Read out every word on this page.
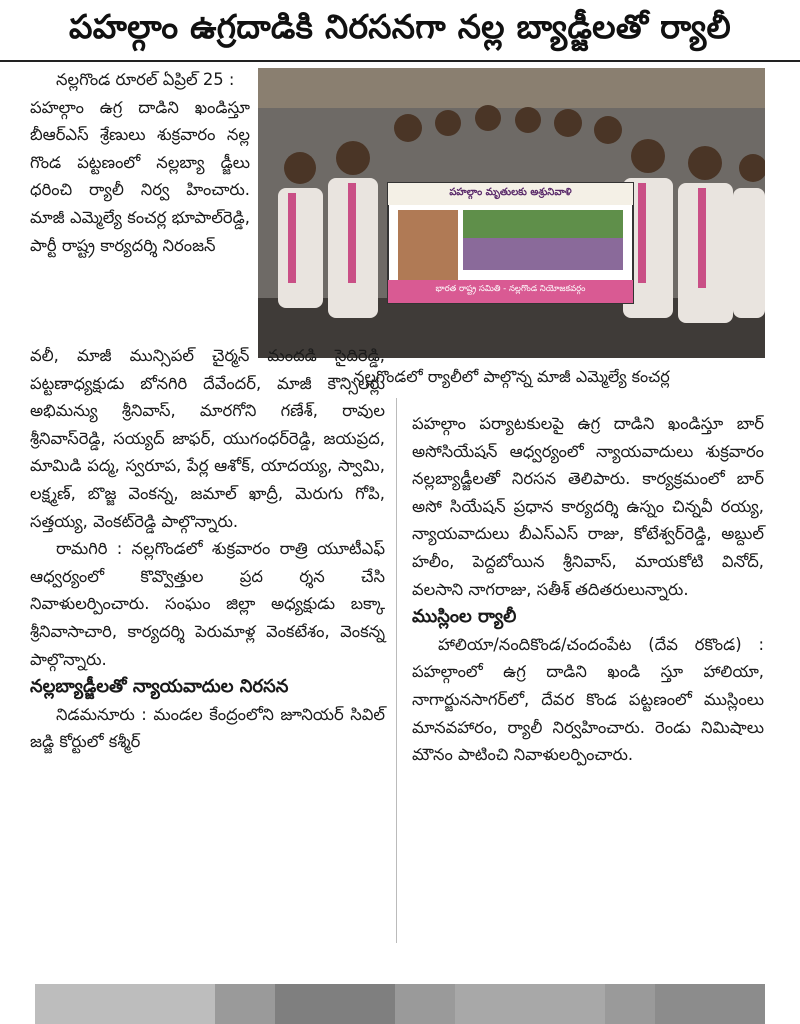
పహల్గాం ఉగ్రదాడికి నిరసనగా నల్ల బ్యాడ్జీలతో ర్యాలీ
పహల్గాం మృతులకు అశ్రునివాళి
భారత రాష్ట్ర సమితి - నల్లగొండ నియోజకవర్గం
నల్లగొండలో ర్యాలీలో పాల్గొన్న మాజీ ఎమ్మెల్యే కంచర్ల

నల్లగొండ రూరల్ ఏప్రిల్ 25 :

పహల్గాం ఉగ్ర దాడిని ఖండిస్తూ బీఆర్ఎస్ శ్రేణులు శుక్రవారం నల్ల గొండ పట్టణంలో నల్లబ్యా డ్జీలు ధరించి ర్యాలీ నిర్వ హించారు. మాజీ ఎమ్మెల్యే కంచర్ల భూపాల్‌రెడ్డి, పార్టీ రాష్ట్ర కార్యదర్శి నిరంజన్

వలీ, మాజీ మున్సిపల్ చైర్మన్ మందడి సైదిరెడ్డి, పట్టణాధ్యక్షుడు బోనగిరి దేవేందర్, మాజీ కౌన్సిలర్లు అభిమన్యు శ్రీనివాస్, మారగోని గణేశ్, రావుల శ్రీనివాస్‌రెడ్డి, సయ్యద్ జాఫర్, యుగంధర్‌రెడ్డి, జయప్రద, మామిడి పద్మ, స్వరూప, పేర్ల ఆశోక్, యాదయ్య, స్వామి, లక్ష్మణ్, బొజ్జ వెంకన్న, జమాల్ ఖాద్రీ, మెరుగు గోపి, సత్తయ్య, వెంకట్‌రెడ్డి పాల్గొన్నారు.

రామగిరి : నల్లగొండలో శుక్రవారం రాత్రి యూటీఎఫ్ ఆధ్వర్యంలో కొవ్వొత్తుల ప్రద ర్శన చేసి నివాళులర్పించారు. సంఘం జిల్లా అధ్యక్షుడు బక్కా శ్రీనివాసాచారి, కార్యదర్శి పెరుమాళ్ల వెంకటేశం, వెంకన్న పాల్గొన్నారు.

నల్లబ్యాడ్జీలతో న్యాయవాదుల నిరసన

నిడమనూరు : మండల కేంద్రంలోని జూనియర్ సివిల్ జడ్జి కోర్టులో కశ్మీర్

పహల్గాం పర్యాటకులపై ఉగ్ర దాడిని ఖండిస్తూ బార్ అసోసియేషన్ ఆధ్వర్యంలో న్యాయవాదులు శుక్రవారం నల్లబ్యాడ్జీలతో నిరసన తెలిపారు. కార్యక్రమంలో బార్ అసో సియేషన్ ప్రధాన కార్యదర్శి ఉస్నం చిన్నవీ రయ్య, న్యాయవాదులు బీఎస్ఎస్ రాజు, కోటేశ్వర్‌రెడ్డి, అబ్దుల్ హలీం, పెద్దబోయిన శ్రీనివాస్, మాయకోటి వినోద్, వలసాని నాగరాజు, సతీశ్ తదితరులున్నారు.

ముస్లింల ర్యాలీ

హాలియా/నందికొండ/చందంపేట (దేవ రకొండ) : పహల్గాంలో ఉగ్ర దాడిని ఖండి స్తూ హాలియా, నాగార్జునసాగర్‌లో, దేవర కొండ పట్టణంలో ముస్లింలు మానవహారం, ర్యాలీ నిర్వహించారు. రెండు నిమిషాలు మౌనం పాటించి నివాళులర్పించారు.
